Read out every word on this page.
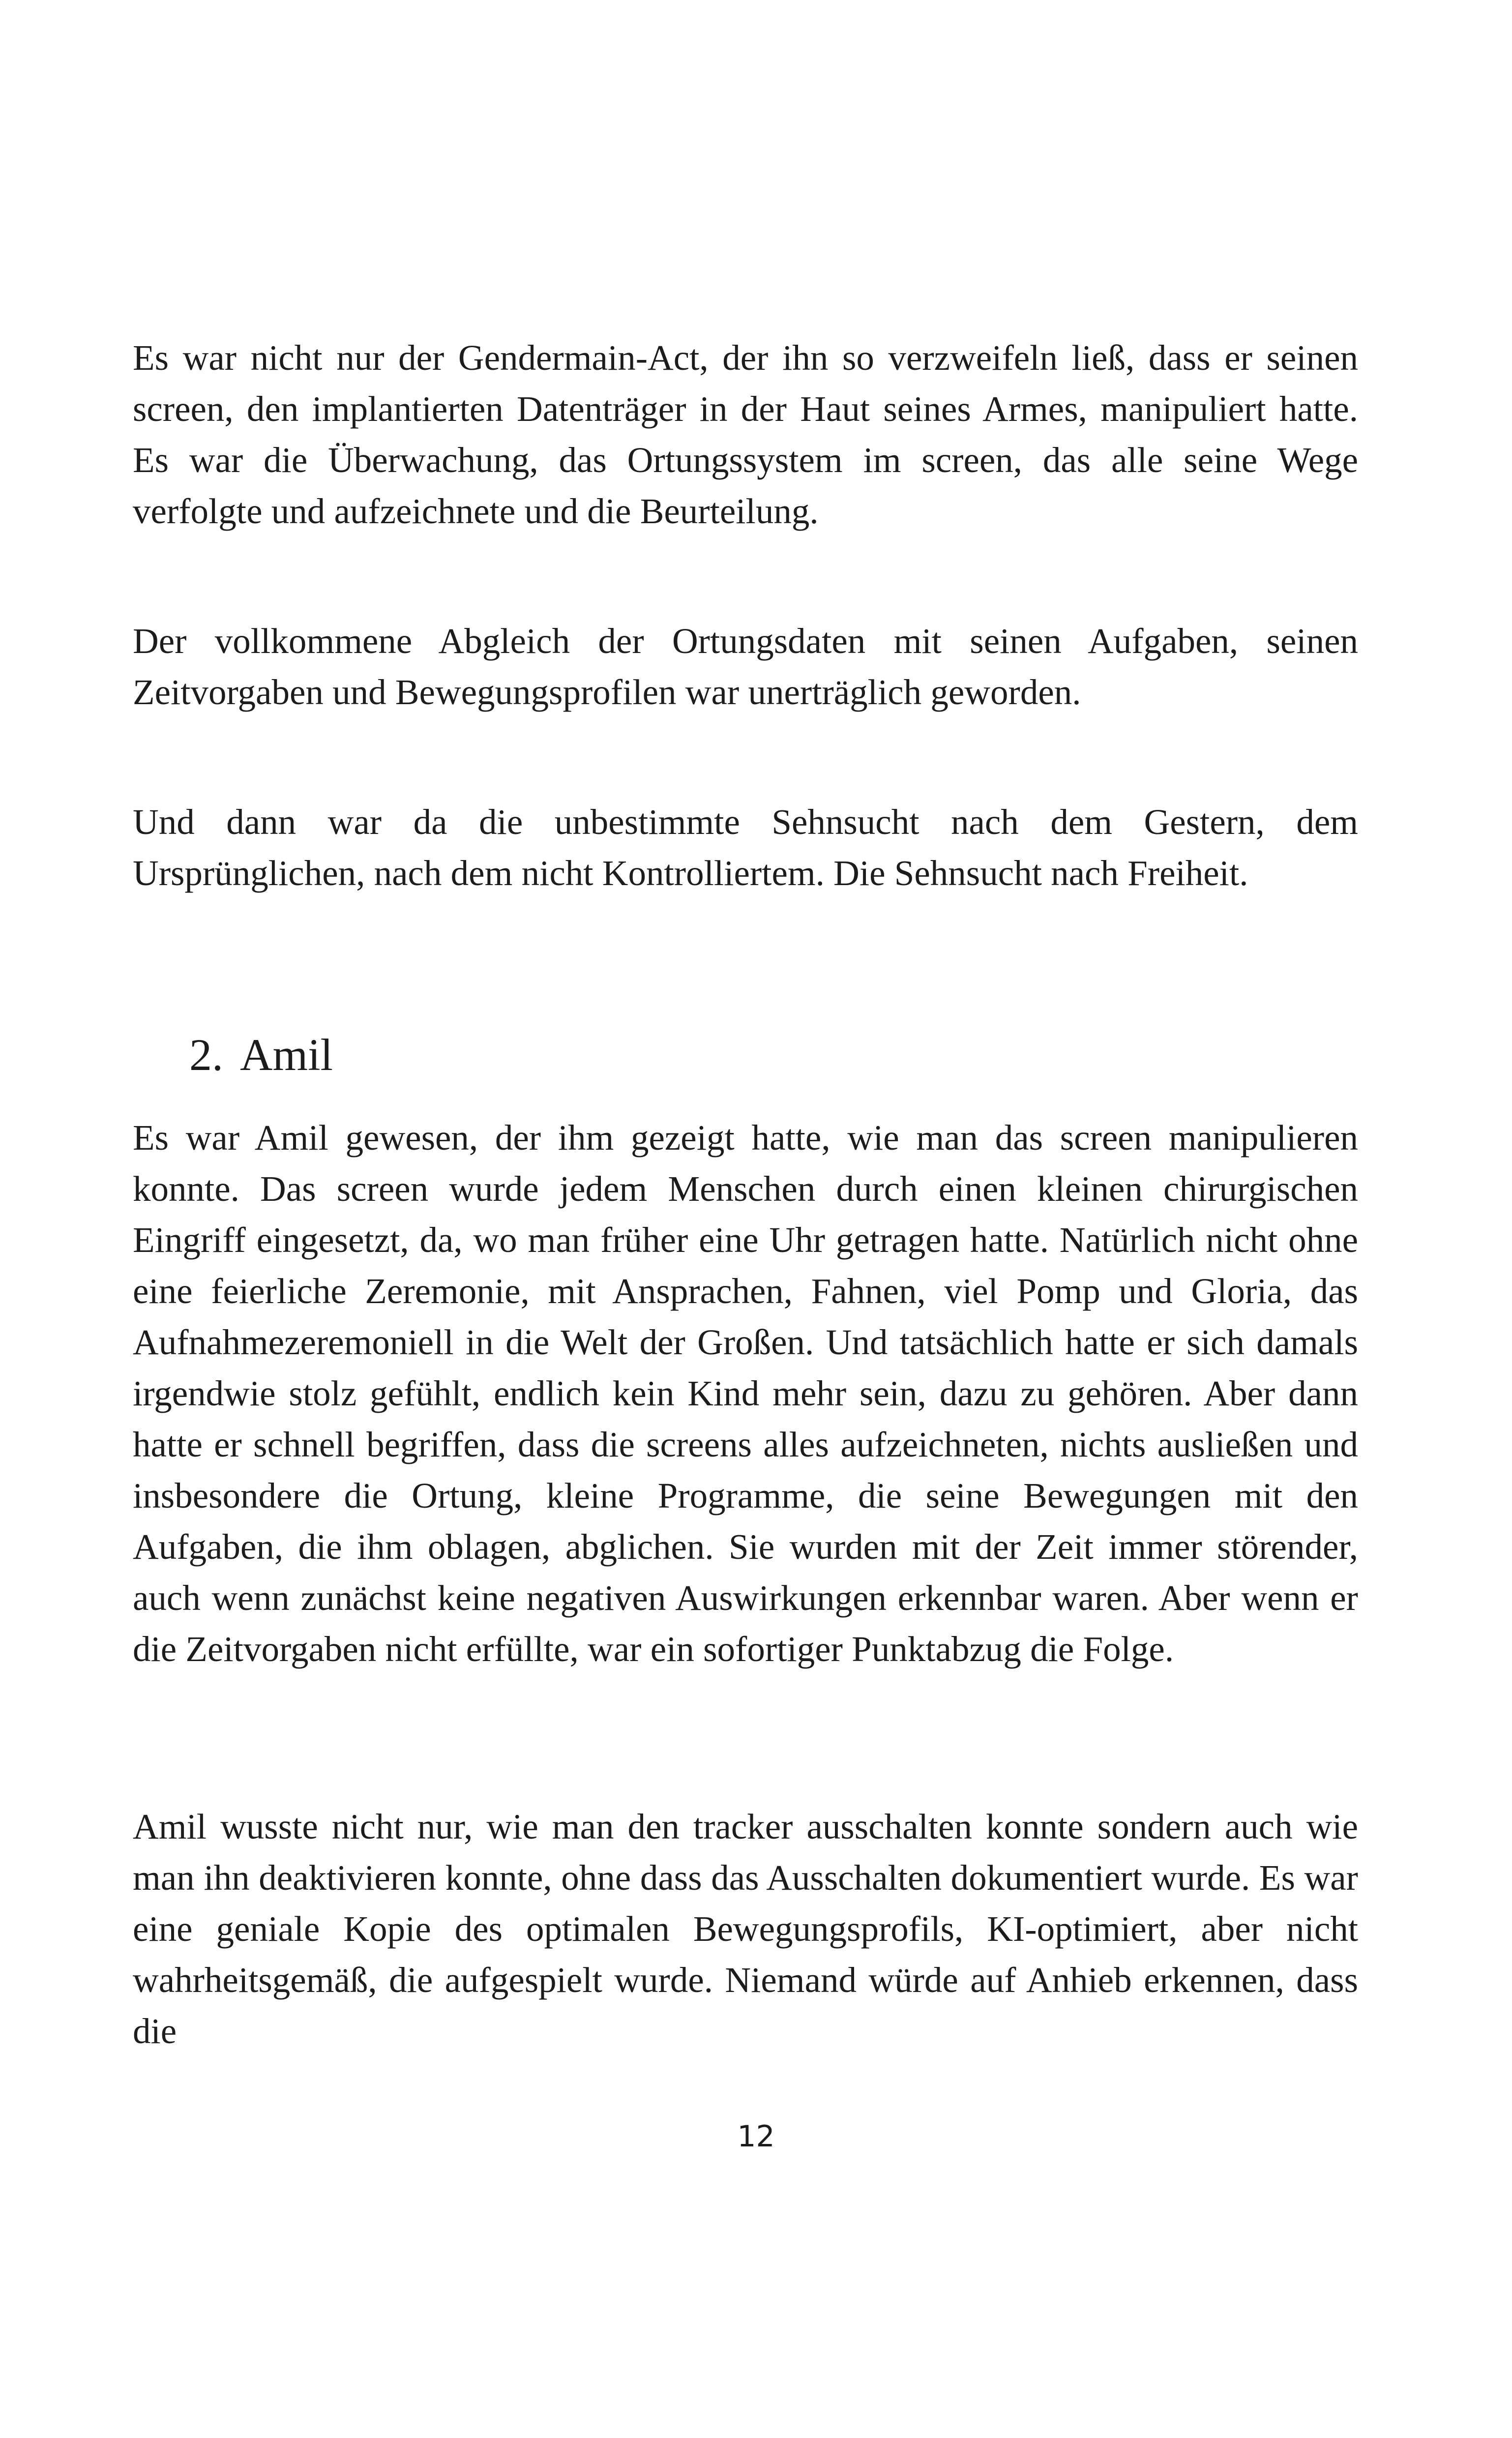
Es war nicht nur der Gendermain-Act, der ihn so verzweifeln ließ, dass er seinen screen, den implantierten Datenträger in der Haut seines Armes, manipuliert hatte. Es war die Überwachung, das Ortungssystem im screen, das alle seine Wege verfolgte und aufzeichnete und die Beurteilung.

Der vollkommene Abgleich der Ortungsdaten mit seinen Aufgaben, seinen Zeitvorgaben und Bewegungsprofilen war unerträglich geworden.

Und dann war da die unbestimmte Sehnsucht nach dem Gestern, dem Ursprünglichen, nach dem nicht Kontrolliertem. Die Sehnsucht nach Freiheit.

2. Amil

Es war Amil gewesen, der ihm gezeigt hatte, wie man das screen manipulieren konnte. Das screen wurde jedem Menschen durch einen kleinen chirurgischen Eingriff eingesetzt, da, wo man früher eine Uhr getragen hatte. Natürlich nicht ohne eine feierliche Zeremonie, mit Ansprachen, Fahnen, viel Pomp und Gloria, das Aufnahmezeremoniell in die Welt der Großen. Und tatsächlich hatte er sich damals irgendwie stolz gefühlt, endlich kein Kind mehr sein, dazu zu gehören. Aber dann hatte er schnell begriffen, dass die screens alles aufzeichneten, nichts ausließen und insbesondere die Ortung, kleine Programme, die seine Bewegungen mit den Aufgaben, die ihm oblagen, abglichen. Sie wurden mit der Zeit immer störender, auch wenn zunächst keine negativen Auswirkungen erkennbar waren. Aber wenn er die Zeitvorgaben nicht erfüllte, war ein sofortiger Punktabzug die Folge.

Amil wusste nicht nur, wie man den tracker ausschalten konnte sondern auch wie man ihn deaktivieren konnte, ohne dass das Ausschalten dokumentiert wurde. Es war eine geniale Kopie des optimalen Bewegungsprofils, KI-optimiert, aber nicht wahrheitsgemäß, die aufgespielt wurde. Niemand würde auf Anhieb erkennen, dass die

12
